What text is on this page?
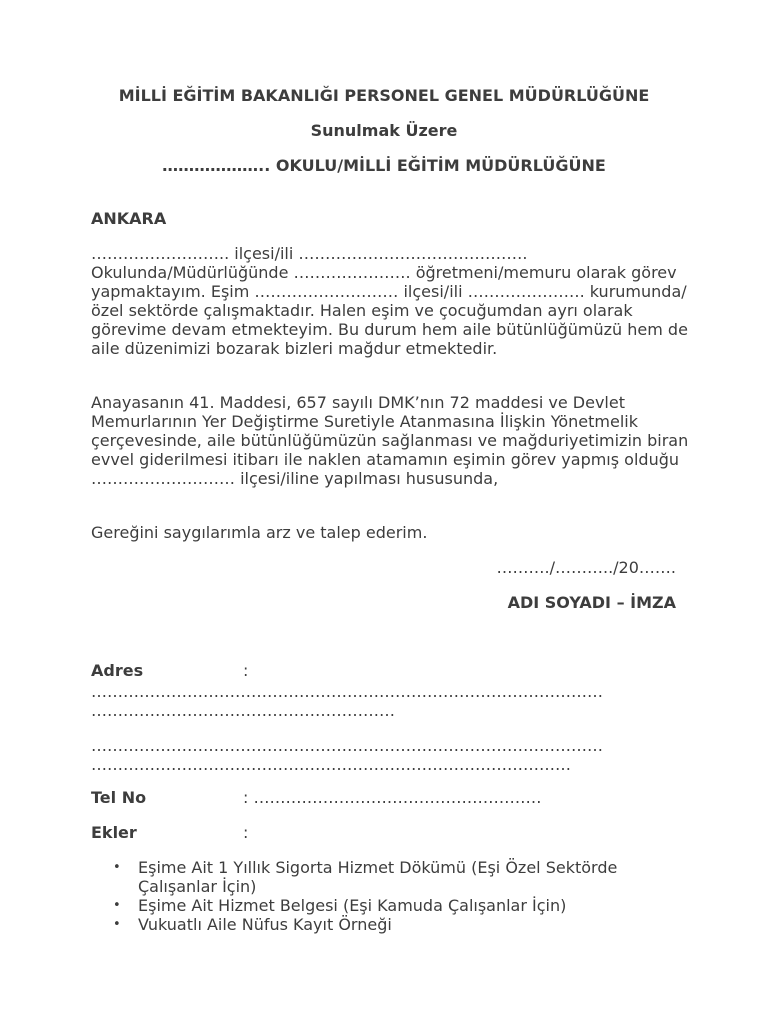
MİLLİ EĞİTİM BAKANLIĞI PERSONEL GENEL MÜDÜRLÜĞÜNE

Sunulmak Üzere

……………….. OKULU/MİLLİ EĞİTİM MÜDÜRLÜĞÜNE

ANKARA

…………………….. ilçesi/ili ……………………………………. Okulunda/Müdürlüğünde …………………. öğretmeni/memuru olarak görev yapmaktayım. Eşim ……………………… ilçesi/ili …………………. kurumunda/özel sektörde çalışmaktadır. Halen eşim ve çocuğumdan ayrı olarak görevime devam etmekteyim. Bu durum hem aile bütünlüğümüzü hem de aile düzenimizi bozarak bizleri mağdur etmektedir.

Anayasanın 41. Maddesi, 657 sayılı DMK’nın 72 maddesi ve Devlet Memurlarının Yer Değiştirme Suretiyle Atanmasına İlişkin Yönetmelik çerçevesinde, aile bütünlüğümüzün sağlanması ve mağduriyetimizin biran evvel giderilmesi itibarı ile naklen atamamın eşimin görev yapmış olduğu ……………………… ilçesi/iline yapılması hususunda,

Gereğini saygılarımla arz ve talep ederim.

………./………../20…….

ADI SOYADI – İMZA

Adres	:

……………………………………………………………………………………

…………………………………………………

……………………………………………………………………………………

………………………………………………………………………………

Tel No	: ………………………………………………

Ekler	:

• Eşime Ait 1 Yıllık Sigorta Hizmet Dökümü (Eşi Özel Sektörde Çalışanlar İçin)
• Eşime Ait Hizmet Belgesi (Eşi Kamuda Çalışanlar İçin)
• Vukuatlı Aile Nüfus Kayıt Örneği
